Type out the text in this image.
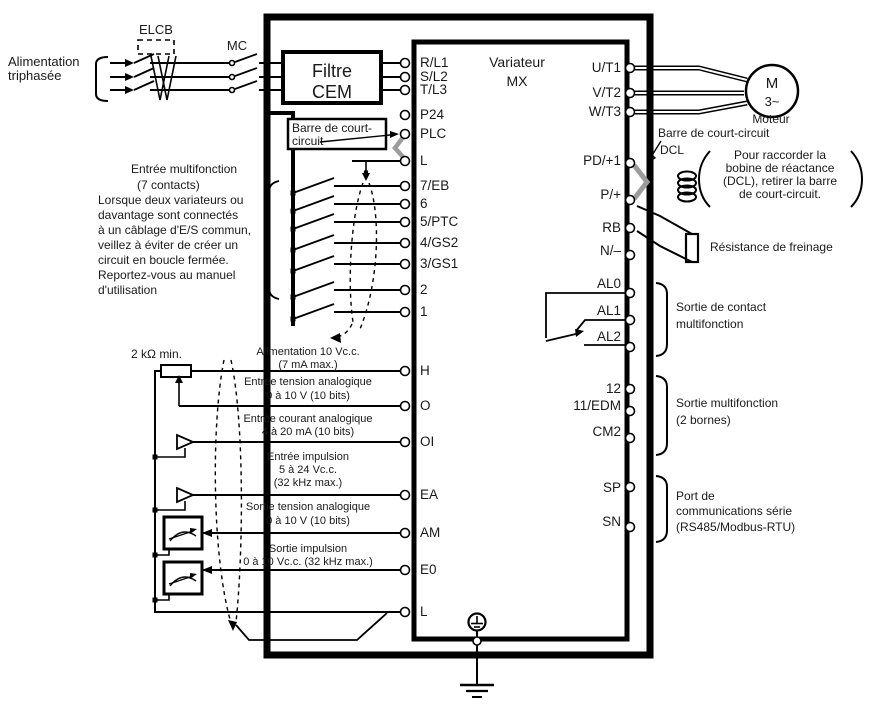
M
3~
Barre de court-
circuit
R/L1
S/L2
T/L3
P24
PLC
L
7/EB
6
5/PTC
4/GS2
3/GS1
2
1
H
O
OI
EA
AM
E0
L
U/T1
V/T2
W/T3
PD/+1
P/+
RB
N/–
AL0
AL1
AL2
12
11/EDM
CM2
SP
SN
Alimentation
triphasée
ELCB
MC
Filtre
CEM
Variateur
MX
Entrée multifonction
(7 contacts)
Lorsque deux variateurs ou
davantage sont connectés
à un câblage d'E/S commun,
veillez à éviter de créer un
circuit en boucle fermée.
Reportez-vous au manuel
d'utilisation
2 kΩ min.	Alimentation 10 Vc.c.
(7 mA max.)
Entrée tension analogique
0 à 10 V (10 bits)
Entrée courant analogique
4 à 20 mA (10 bits)
Entrée impulsion
5 à 24 Vc.c.
(32 kHz max.)
Sortie tension analogique
0 à 10 V (10 bits)
Sortie impulsion
0 à 10 Vc.c. (32 kHz max.)
Barre de court-circuit
DCL	Pour raccorder la
bobine de réactance
(DCL), retirer la barre
de court-circuit.
Résistance de freinage
Sortie de contact
multifonction
Sortie multifonction
(2 bornes)
Port de
communications série
(RS485/Modbus-RTU)
Moteur
